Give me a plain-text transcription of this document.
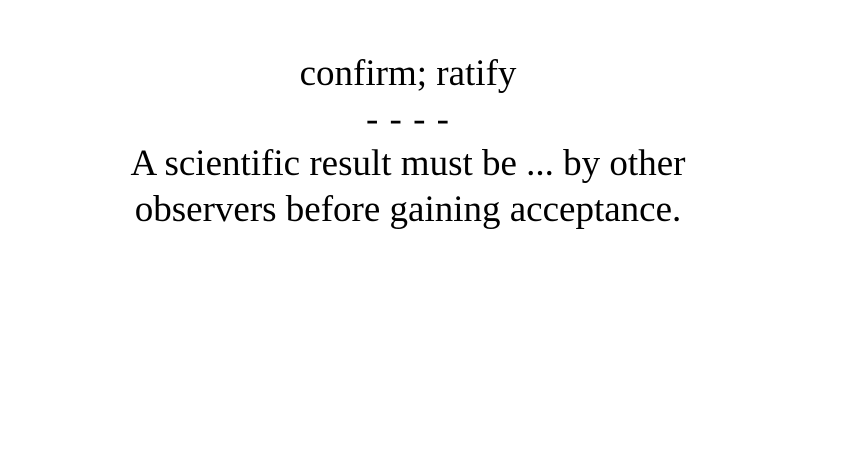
confirm; ratify
- - - -
A scientific result must be ... by other
observers before gaining acceptance.
